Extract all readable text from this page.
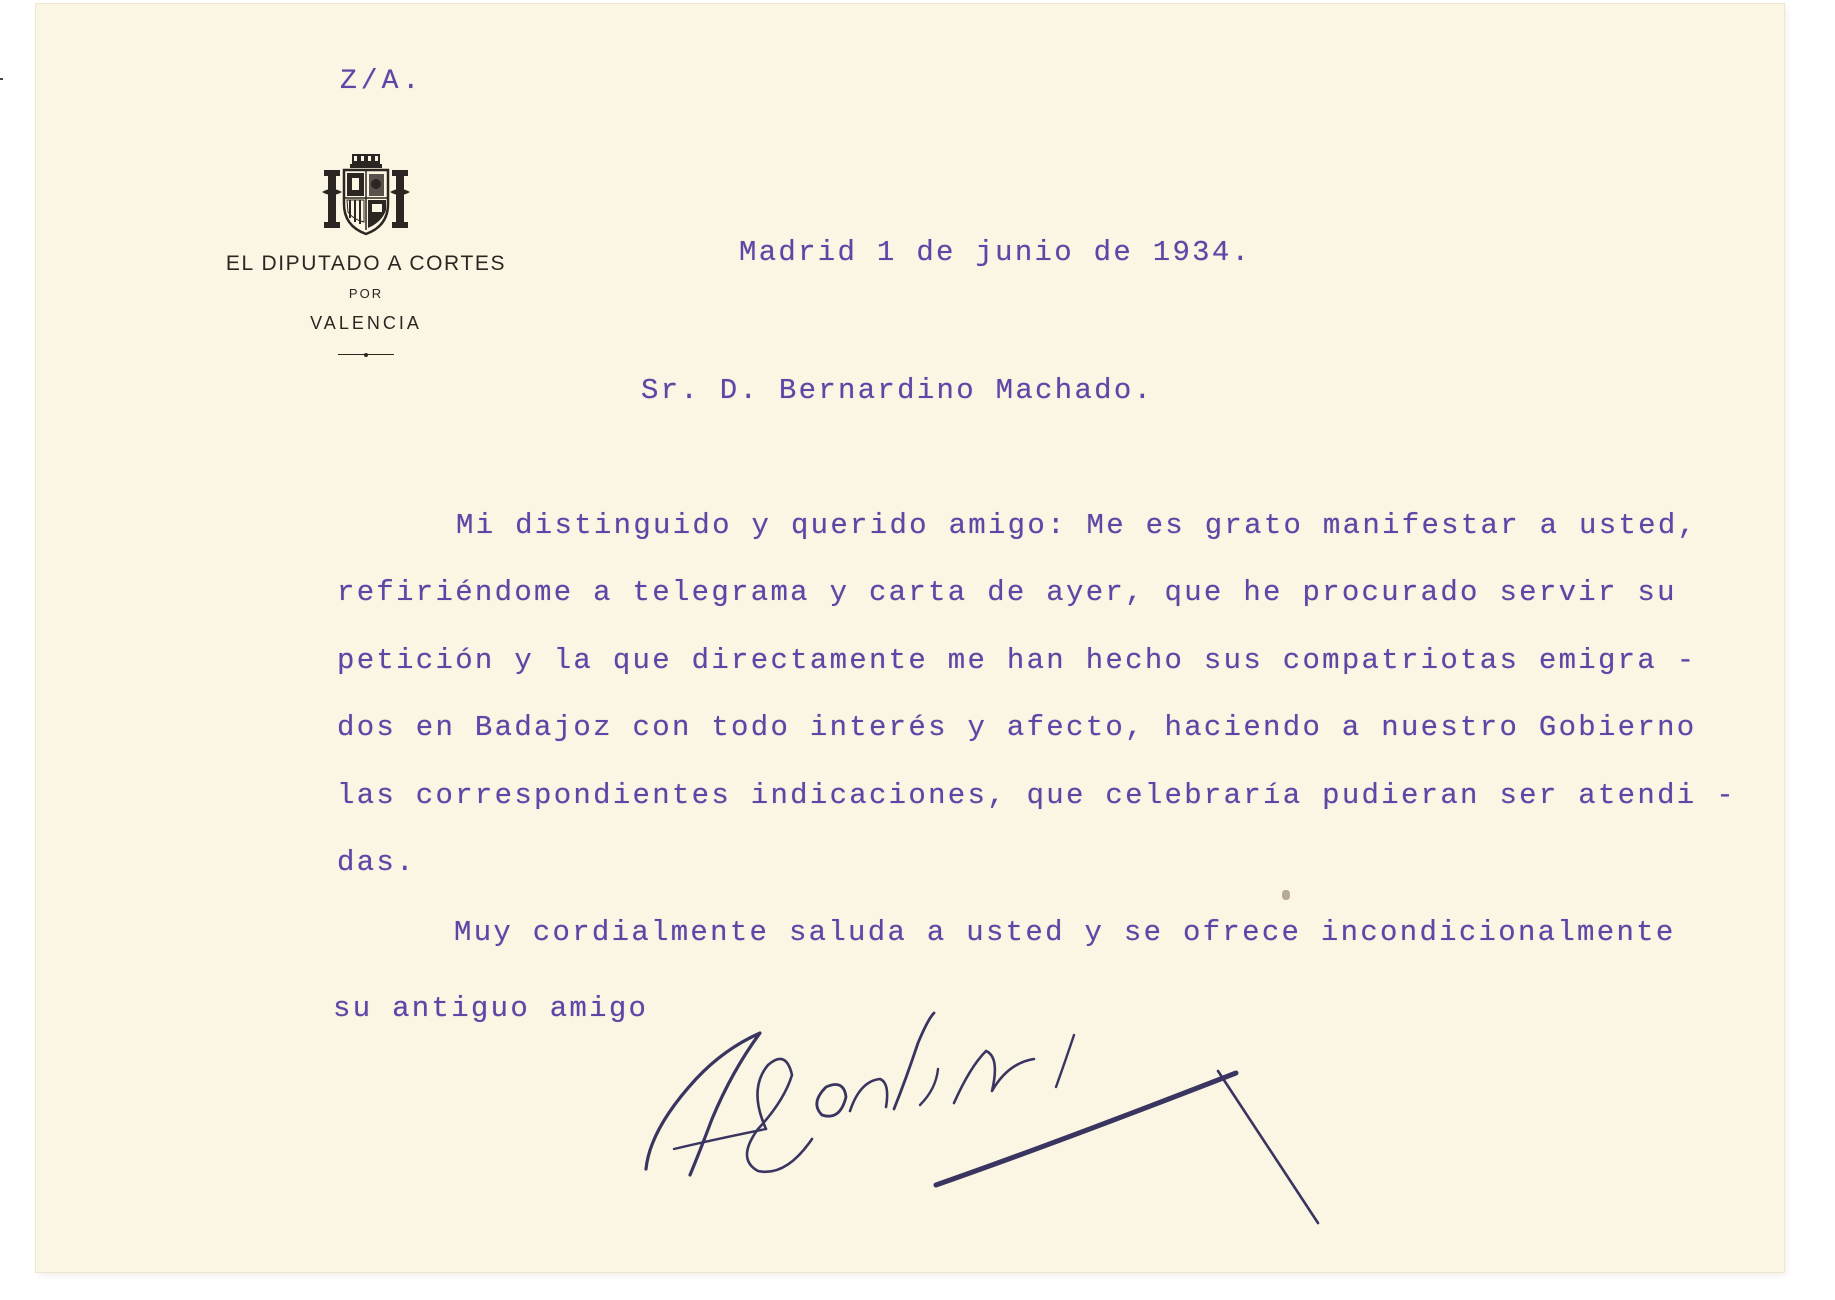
Z/A.
EL DIPUTADO A CORTES
POR
VALENCIA
Madrid 1 de junio de 1934.
Sr. D. Bernardino Machado.
Mi distinguido y querido amigo: Me es grato manifestar a usted,
refiriéndome a telegrama y carta de ayer, que he procurado servir su
petición y la que directamente me han hecho sus compatriotas emigra -
dos en Badajoz con todo interés y afecto, haciendo a nuestro Gobierno
las correspondientes indicaciones, que celebraría pudieran ser atendi -
das.
Muy cordialmente saluda a usted y se ofrece incondicionalmente
su antiguo amigo
